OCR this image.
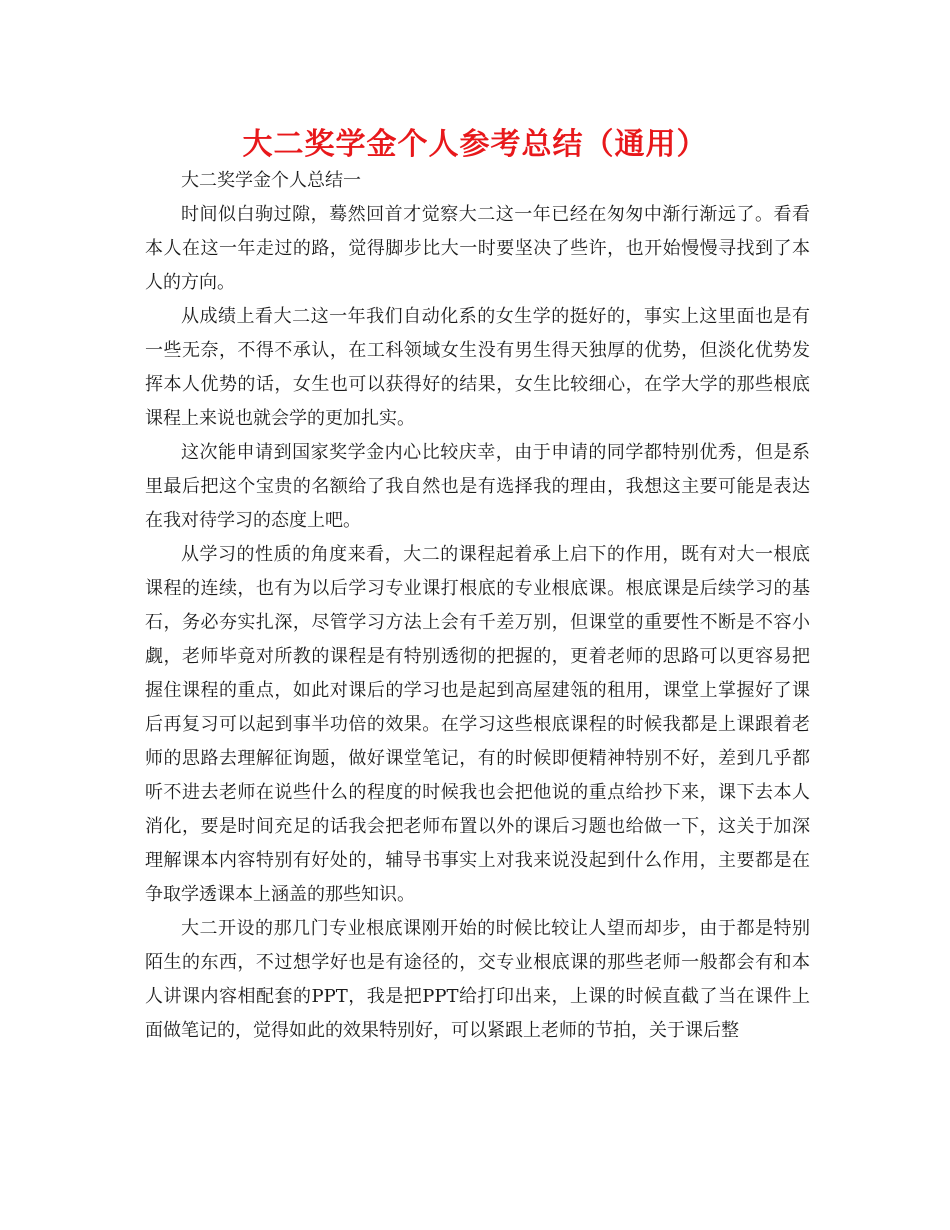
大二奖学金个人参考总结（通用）

大二奖学金个人总结一

时间似白驹过隙，蓦然回首才觉察大二这一年已经在匆匆中渐行渐远了。看看本人在这一年走过的路，觉得脚步比大一时要坚决了些许，也开始慢慢寻找到了本人的方向。

从成绩上看大二这一年我们自动化系的女生学的挺好的，事实上这里面也是有一些无奈，不得不承认，在工科领域女生没有男生得天独厚的优势，但淡化优势发挥本人优势的话，女生也可以获得好的结果，女生比较细心，在学大学的那些根底课程上来说也就会学的更加扎实。

这次能申请到国家奖学金内心比较庆幸，由于申请的同学都特别优秀，但是系里最后把这个宝贵的名额给了我自然也是有选择我的理由，我想这主要可能是表达在我对待学习的态度上吧。

从学习的性质的角度来看，大二的课程起着承上启下的作用，既有对大一根底课程的连续，也有为以后学习专业课打根底的专业根底课。根底课是后续学习的基石，务必夯实扎深，尽管学习方法上会有千差万别，但课堂的重要性不断是不容小觑，老师毕竟对所教的课程是有特别透彻的把握的，更着老师的思路可以更容易把握住课程的重点，如此对课后的学习也是起到高屋建瓴的租用，课堂上掌握好了课后再复习可以起到事半功倍的效果。在学习这些根底课程的时候我都是上课跟着老师的思路去理解征询题，做好课堂笔记，有的时候即便精神特别不好，差到几乎都听不进去老师在说些什么的程度的时候我也会把他说的重点给抄下来，课下去本人消化，要是时间充足的话我会把老师布置以外的课后习题也给做一下，这关于加深理解课本内容特别有好处的，辅导书事实上对我来说没起到什么作用，主要都是在争取学透课本上涵盖的那些知识。

大二开设的那几门专业根底课刚开始的时候比较让人望而却步，由于都是特别陌生的东西，不过想学好也是有途径的，交专业根底课的那些老师一般都会有和本人讲课内容相配套的PPT，我是把PPT给打印出来，上课的时候直截了当在课件上面做笔记的，觉得如此的效果特别好，可以紧跟上老师的节拍，关于课后整
